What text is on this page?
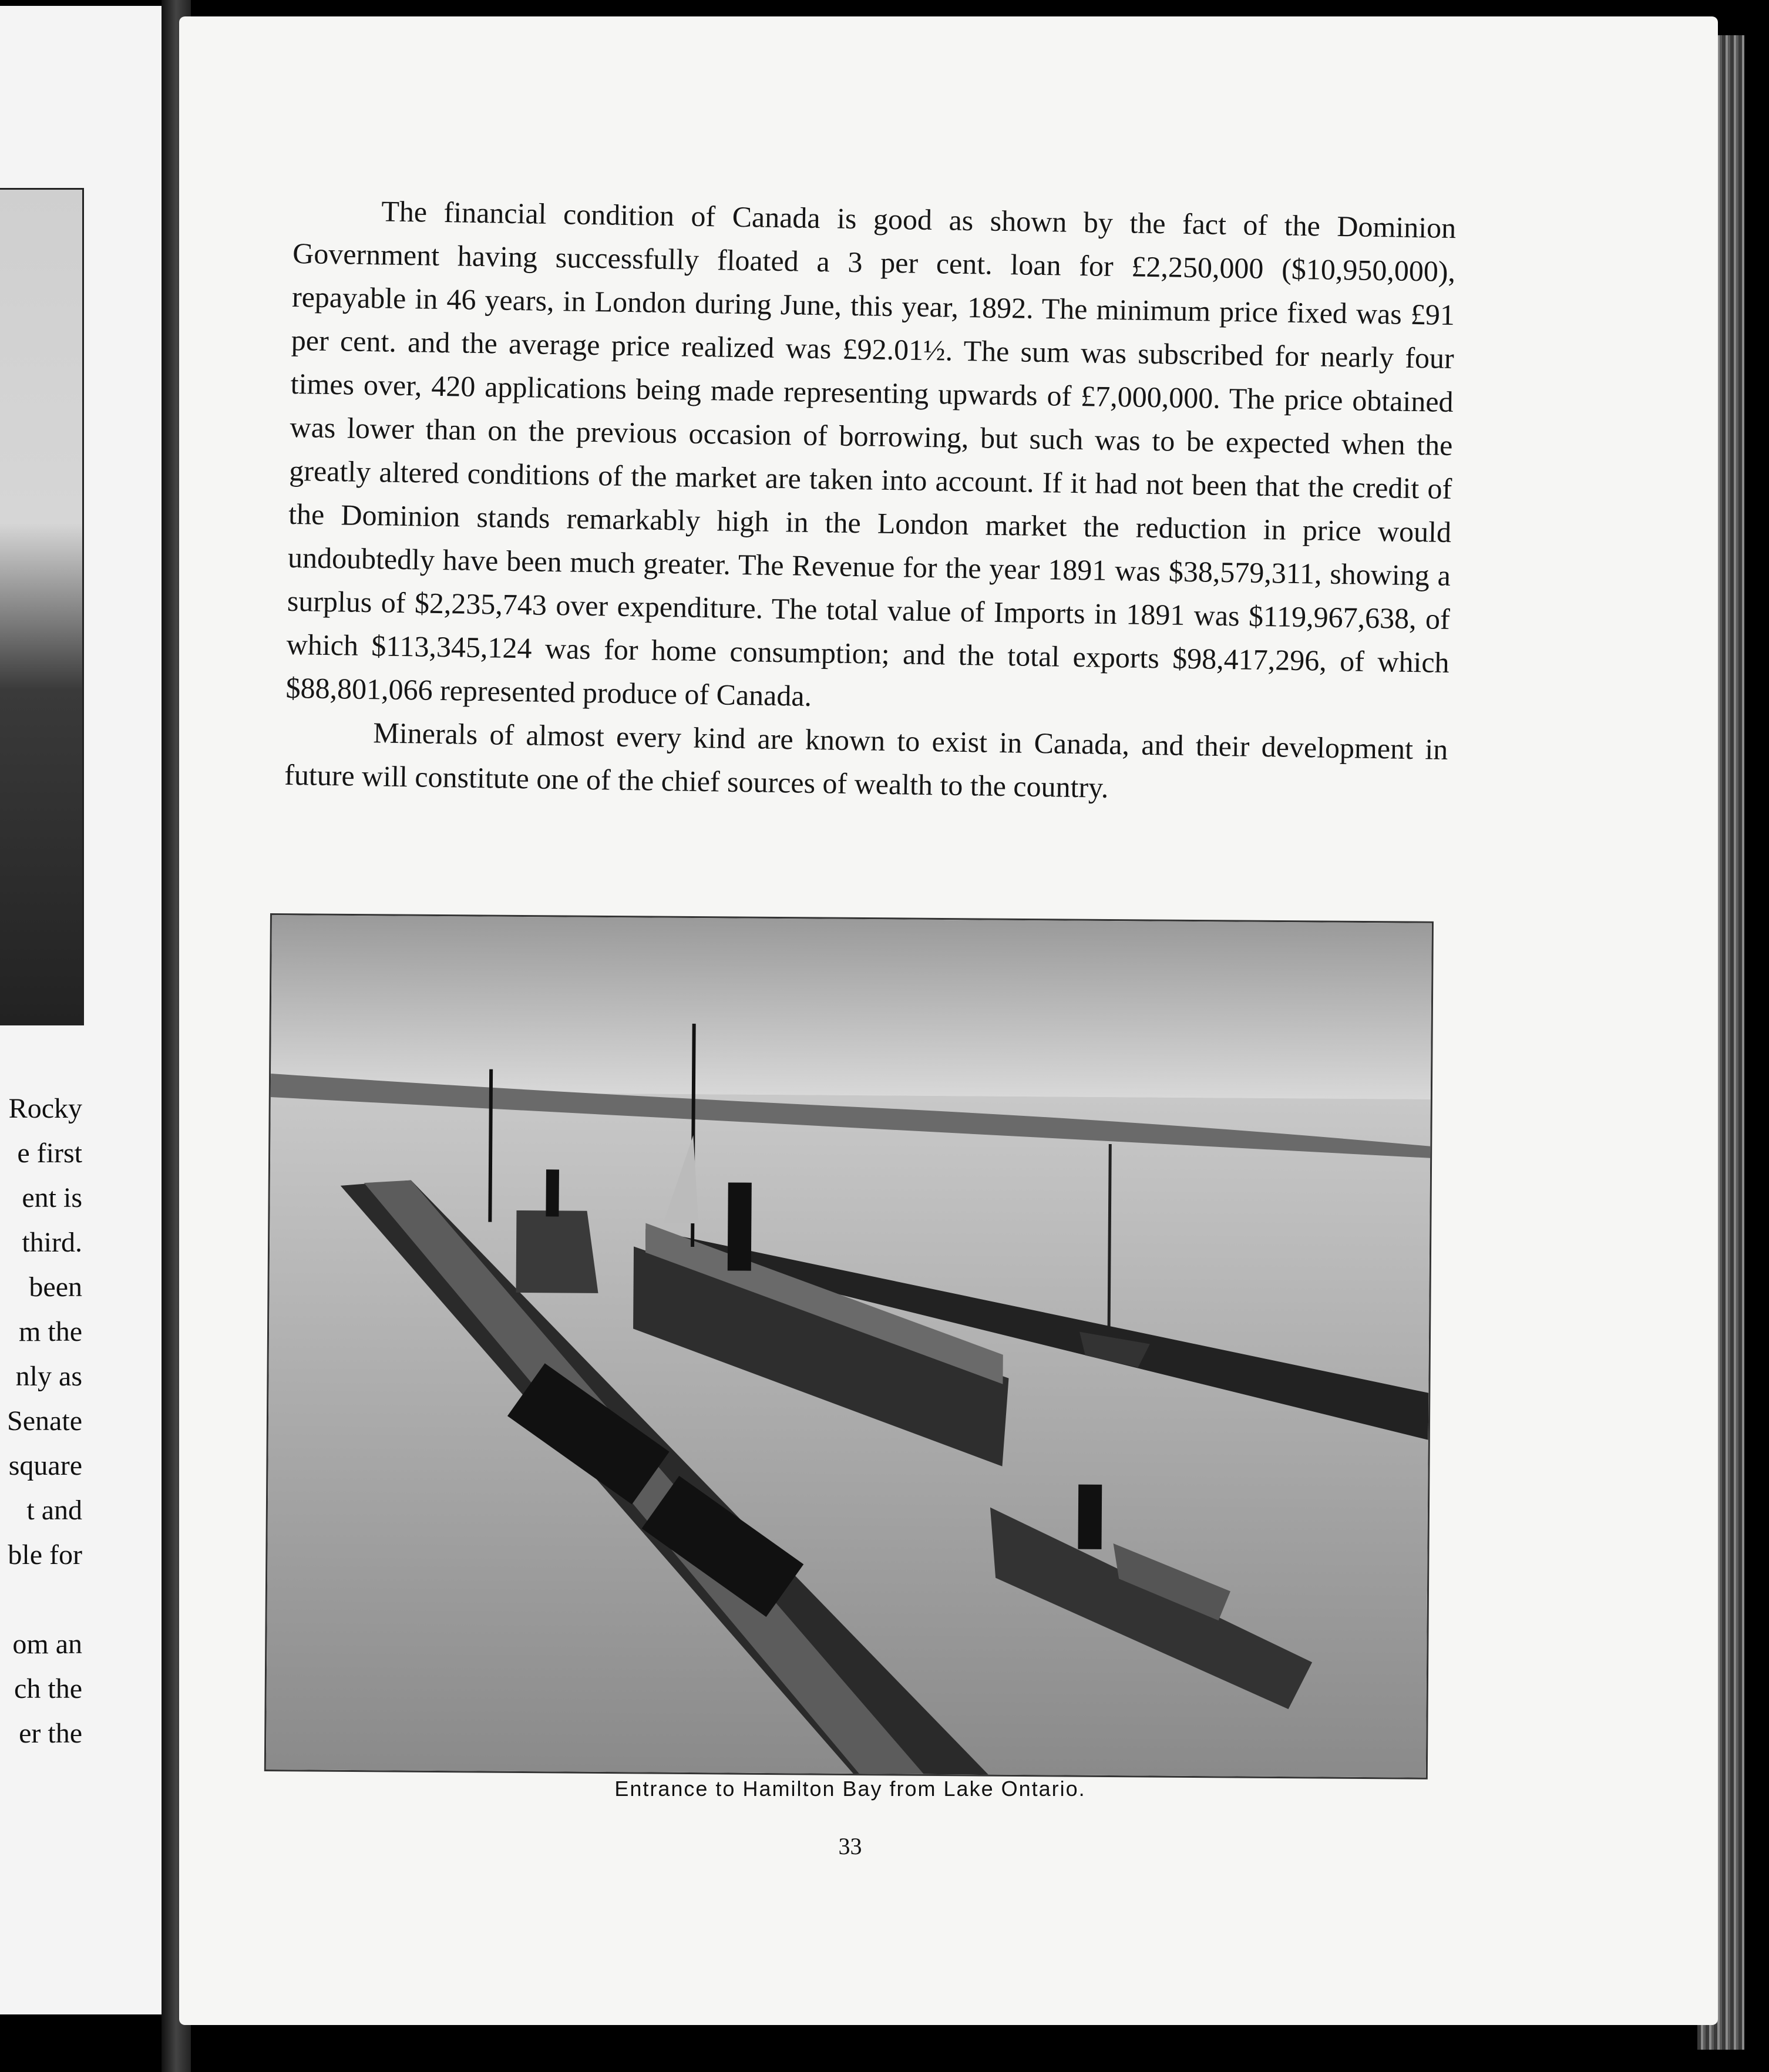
Rocky
e first
ent is
third.
been
m the
nly as
Senate
square
t and
ble for
om an
ch the
er the

The financial condition of Canada is good as shown by the fact of the Dominion Government having successfully floated a 3 per cent. loan for £2,250,000 ($10,950,000), repayable in 46 years, in London during June, this year, 1892. The minimum price fixed was £91 per cent. and the average price realized was £92.01½. The sum was subscribed for nearly four times over, 420 applications being made representing upwards of £7,000,000. The price obtained was lower than on the previous occasion of borrowing, but such was to be expected when the greatly altered conditions of the market are taken into account. If it had not been that the credit of the Dominion stands remarkably high in the London market the reduction in price would undoubtedly have been much greater. The Revenue for the year 1891 was $38,579,311, showing a surplus of $2,235,743 over expenditure. The total value of Imports in 1891 was $119,967,638, of which $113,345,124 was for home consumption; and the total exports $98,417,296, of which $88,801,066 represented produce of Canada.

Minerals of almost every kind are known to exist in Canada, and their development in future will constitute one of the chief sources of wealth to the country.

Entrance to Hamilton Bay from Lake Ontario.
33
